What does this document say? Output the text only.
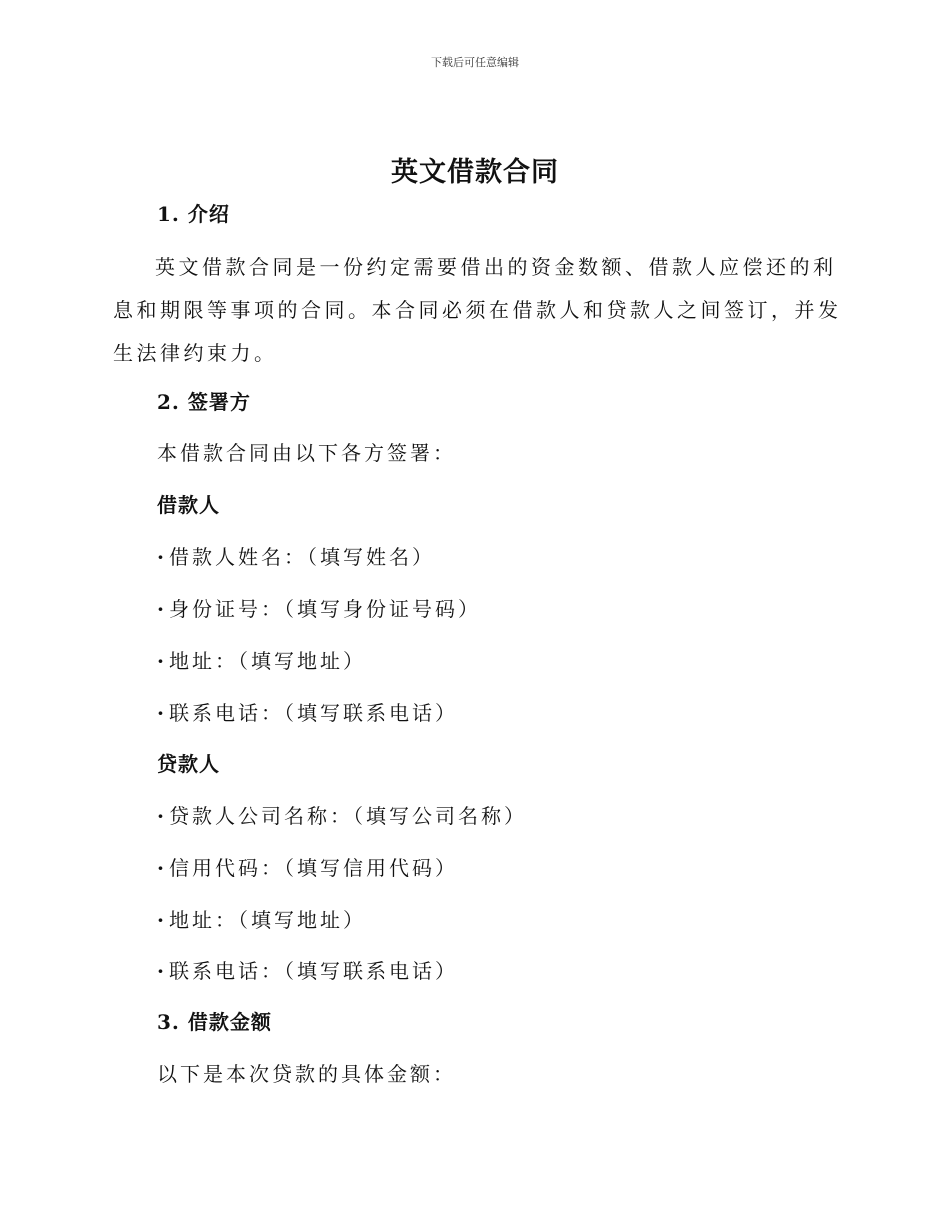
下载后可任意编辑
英文借款合同
1. 介绍

英文借款合同是一份约定需要借出的资金数额、借款人应偿还的利息和期限等事项的合同。本合同必须在借款人和贷款人之间签订，并发生法律约束力。

2. 签署方

本借款合同由以下各方签署：

借款人

· 借款人姓名：（填写姓名）

· 身份证号：（填写身份证号码）

· 地址：（填写地址）

· 联系电话：（填写联系电话）

贷款人

· 贷款人公司名称：（填写公司名称）

· 信用代码：（填写信用代码）

· 地址：（填写地址）

· 联系电话：（填写联系电话）

3. 借款金额

以下是本次贷款的具体金额：
